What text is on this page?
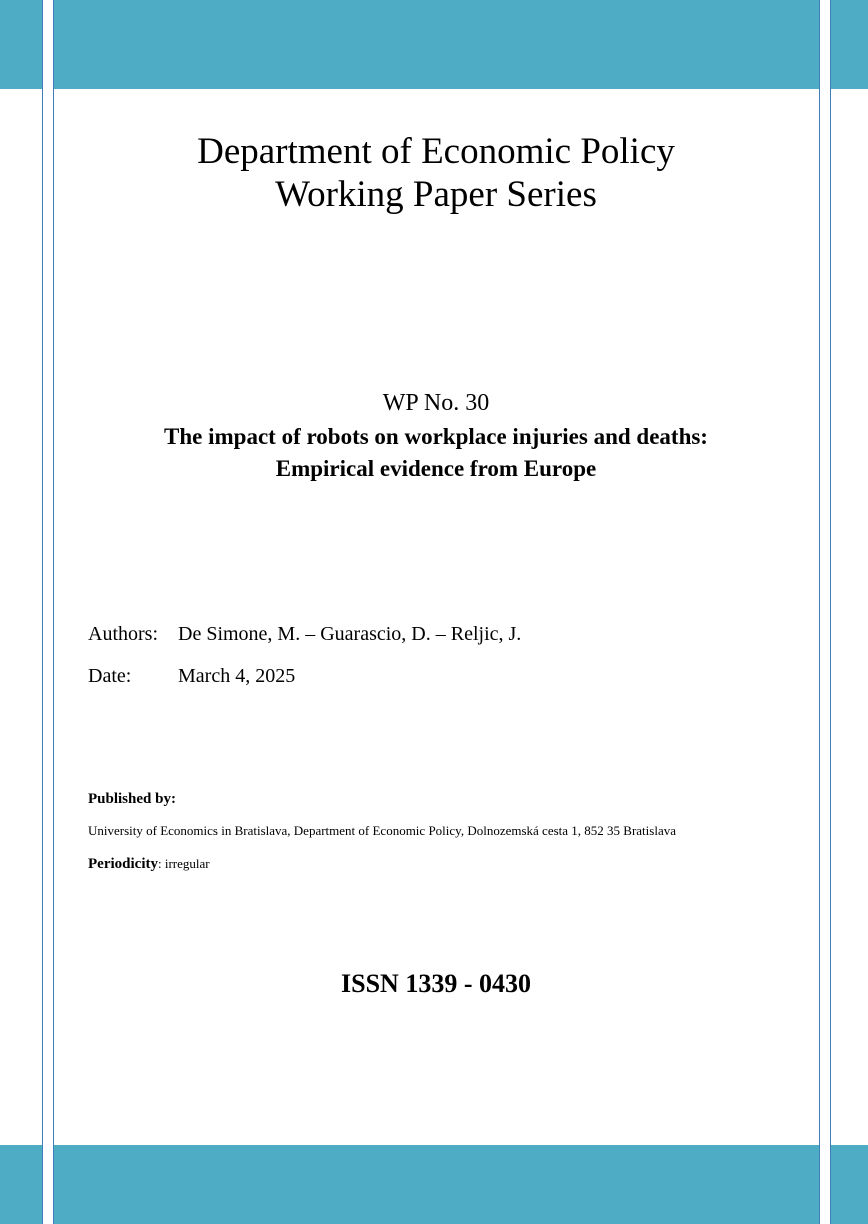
Department of Economic Policy
Working Paper Series
WP No. 30
The impact of robots on workplace injuries and deaths:
Empirical evidence from Europe
Authors: De Simone, M. – Guarascio, D. – Reljic, J.
Date: March 4, 2025
Published by:
University of Economics in Bratislava, Department of Economic Policy, Dolnozemská cesta 1, 852 35 Bratislava
Periodicity: irregular
ISSN 1339 - 0430
